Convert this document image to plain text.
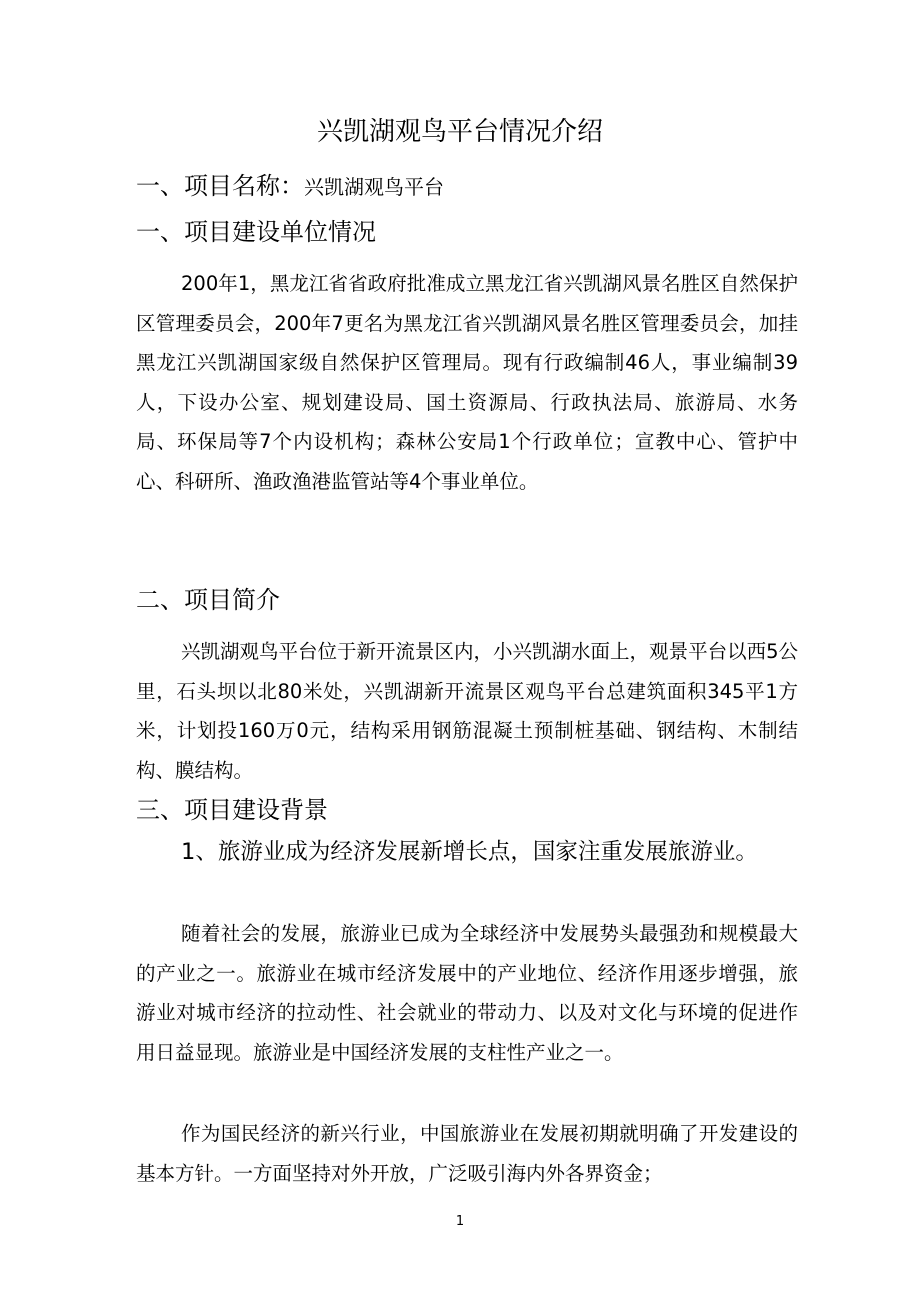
兴凯湖观鸟平台情况介绍
一、项目名称：兴凯湖观鸟平台
一、项目建设单位情况

200年1，黑龙江省省政府批准成立黑龙江省兴凯湖风景名胜区自然保护区管理委员会，200年7更名为黑龙江省兴凯湖风景名胜区管理委员会，加挂黑龙江兴凯湖国家级自然保护区管理局。现有行政编制46人，事业编制39人，下设办公室、规划建设局、国土资源局、行政执法局、旅游局、水务局、环保局等7个内设机构；森林公安局1个行政单位；宣教中心、管护中心、科研所、渔政渔港监管站等4个事业单位。

二、项目简介

兴凯湖观鸟平台位于新开流景区内，小兴凯湖水面上，观景平台以西5公里，石头坝以北80米处，兴凯湖新开流景区观鸟平台总建筑面积345平1方米，计划投160万0元，结构采用钢筋混凝土预制桩基础、钢结构、木制结构、膜结构。

三、项目建设背景

1、旅游业成为经济发展新增长点，国家注重发展旅游业。

随着社会的发展，旅游业已成为全球经济中发展势头最强劲和规模最大的产业之一。旅游业在城市经济发展中的产业地位、经济作用逐步增强，旅游业对城市经济的拉动性、社会就业的带动力、以及对文化与环境的促进作用日益显现。旅游业是中国经济发展的支柱性产业之一。

作为国民经济的新兴行业，中国旅游业在发展初期就明确了开发建设的基本方针。一方面坚持对外开放，广泛吸引海内外各界资金；

1
